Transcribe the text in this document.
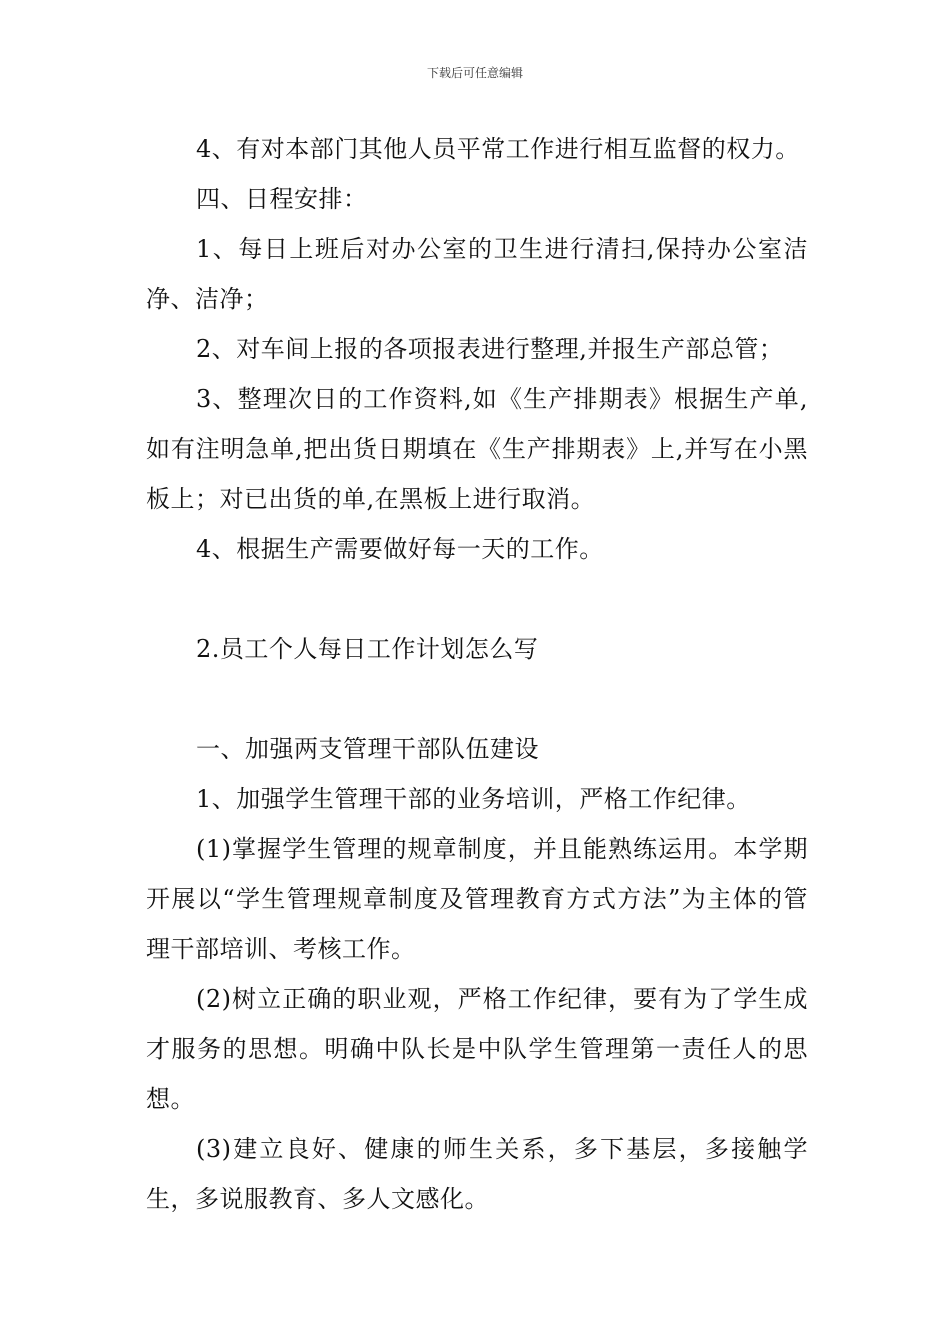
下载后可任意编辑

4、有对本部门其他人员平常工作进行相互监督的权力。

四、日程安排：

1、每日上班后对办公室的卫生进行清扫,保持办公室洁净、洁净；

2、对车间上报的各项报表进行整理,并报生产部总管；

3、整理次日的工作资料,如《生产排期表》根据生产单,如有注明急单,把出货日期填在《生产排期表》上,并写在小黑板上；对已出货的单,在黑板上进行取消。

4、根据生产需要做好每一天的工作。

2.员工个人每日工作计划怎么写

一、加强两支管理干部队伍建设

1、加强学生管理干部的业务培训，严格工作纪律。

(1)掌握学生管理的规章制度，并且能熟练运用。本学期开展以“学生管理规章制度及管理教育方式方法”为主体的管理干部培训、考核工作。

(2)树立正确的职业观，严格工作纪律，要有为了学生成才服务的思想。明确中队长是中队学生管理第一责任人的思想。

(3)建立良好、健康的师生关系，多下基层，多接触学生，多说服教育、多人文感化。
